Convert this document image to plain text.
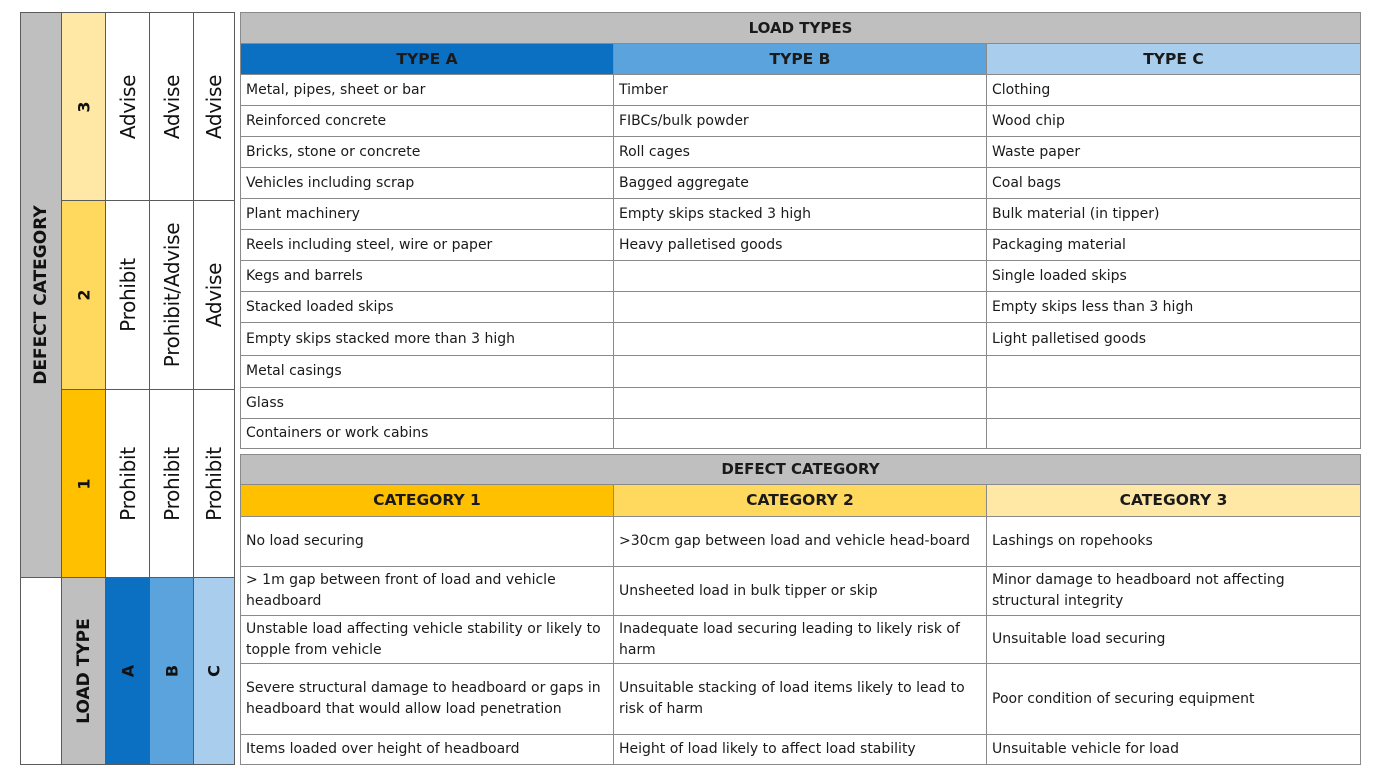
DEFECT CATEGORY
LOAD TYPE
3 Advise Advise Advise
2 Prohibit Prohibit/Advise Advise
1 Prohibit Prohibit Prohibit
A B C
LOAD TYPES		
TYPE A	TYPE B	TYPE C
Metal, pipes, sheet or bar	Timber	Clothing
Reinforced concrete	FIBCs/bulk powder	Wood chip
Bricks, stone or concrete	Roll cages	Waste paper
Vehicles including scrap	Bagged aggregate	Coal bags
Plant machinery	Empty skips stacked 3 high	Bulk material (in tipper)
Reels including steel, wire or paper	Heavy palletised goods	Packaging material
Kegs and barrels		Single loaded skips
Stacked loaded skips		Empty skips less than 3 high
Empty skips stacked more than 3 high		Light palletised goods
Metal casings		
Glass		
Containers or work cabins		
DEFECT CATEGORY		
CATEGORY 1	CATEGORY 2	CATEGORY 3
No load securing	>30cm gap between load and vehicle head-board	Lashings on ropehooks
> 1m gap between front of load and vehicle headboard	Unsheeted load in bulk tipper or skip	Minor damage to headboard not affecting structural integrity
Unstable load affecting vehicle stability or likely to topple from vehicle	Inadequate load securing leading to likely risk of harm	Unsuitable load securing
Severe structural damage to headboard or gaps in headboard that would allow load penetration	Unsuitable stacking of load items likely to lead to risk of harm	Poor condition of securing equipment
Items loaded over height of headboard	Height of load likely to affect load stability	Unsuitable vehicle for load
